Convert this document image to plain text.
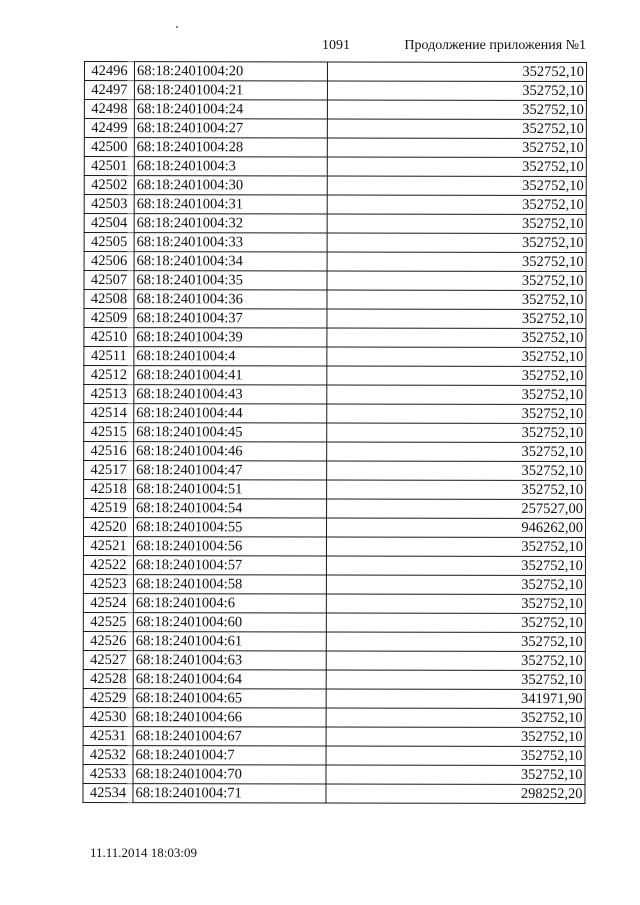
1091	Продолжение приложения №1
42496	68:18:2401004:20	352752,10
42497	68:18:2401004:21	352752,10
42498	68:18:2401004:24	352752,10
42499	68:18:2401004:27	352752,10
42500	68:18:2401004:28	352752,10
42501	68:18:2401004:3	352752,10
42502	68:18:2401004:30	352752,10
42503	68:18:2401004:31	352752,10
42504	68:18:2401004:32	352752,10
42505	68:18:2401004:33	352752,10
42506	68:18:2401004:34	352752,10
42507	68:18:2401004:35	352752,10
42508	68:18:2401004:36	352752,10
42509	68:18:2401004:37	352752,10
42510	68:18:2401004:39	352752,10
42511	68:18:2401004:4	352752,10
42512	68:18:2401004:41	352752,10
42513	68:18:2401004:43	352752,10
42514	68:18:2401004:44	352752,10
42515	68:18:2401004:45	352752,10
42516	68:18:2401004:46	352752,10
42517	68:18:2401004:47	352752,10
42518	68:18:2401004:51	352752,10
42519	68:18:2401004:54	257527,00
42520	68:18:2401004:55	946262,00
42521	68:18:2401004:56	352752,10
42522	68:18:2401004:57	352752,10
42523	68:18:2401004:58	352752,10
42524	68:18:2401004:6	352752,10
42525	68:18:2401004:60	352752,10
42526	68:18:2401004:61	352752,10
42527	68:18:2401004:63	352752,10
42528	68:18:2401004:64	352752,10
42529	68:18:2401004:65	341971,90
42530	68:18:2401004:66	352752,10
42531	68:18:2401004:67	352752,10
42532	68:18:2401004:7	352752,10
42533	68:18:2401004:70	352752,10
42534	68:18:2401004:71	298252,20
11.11.2014 18:03:09
